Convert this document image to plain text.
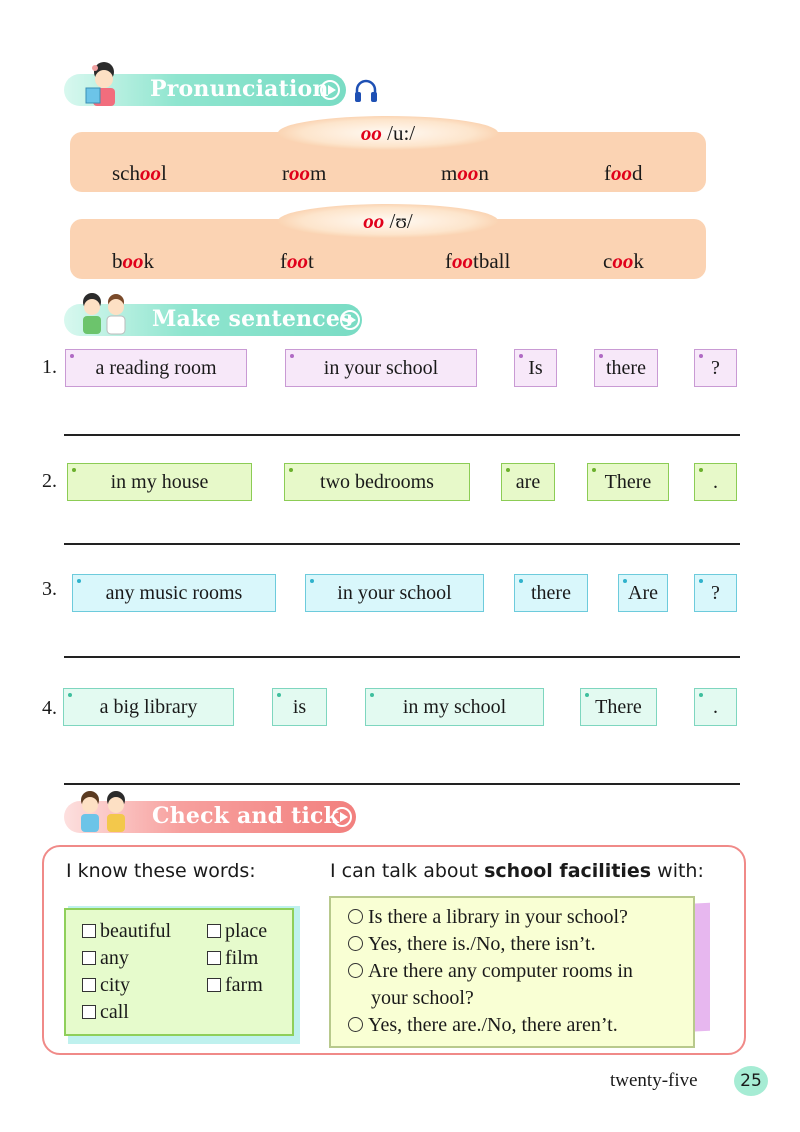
Pronunciation
oo /u:/
school	room	moon	food
oo /ʊ/
book	foot	football	cook
Make sentences
1.	a reading room	in your school	Is	there	?
2.	in my house	two bedrooms	are	There	.
3.	any music rooms	in your school	there	Are	?
4.	a big library	is	in my school	There	.
Check and tick
I know these words:	I can talk about school facilities with:
beautiful
any
city
call
place
film
farm
Is there a library in your school?
Yes, there is./No, there isn’t.
Are there any computer rooms in
your school?
Yes, there are./No, there aren’t.
twenty-five	25
